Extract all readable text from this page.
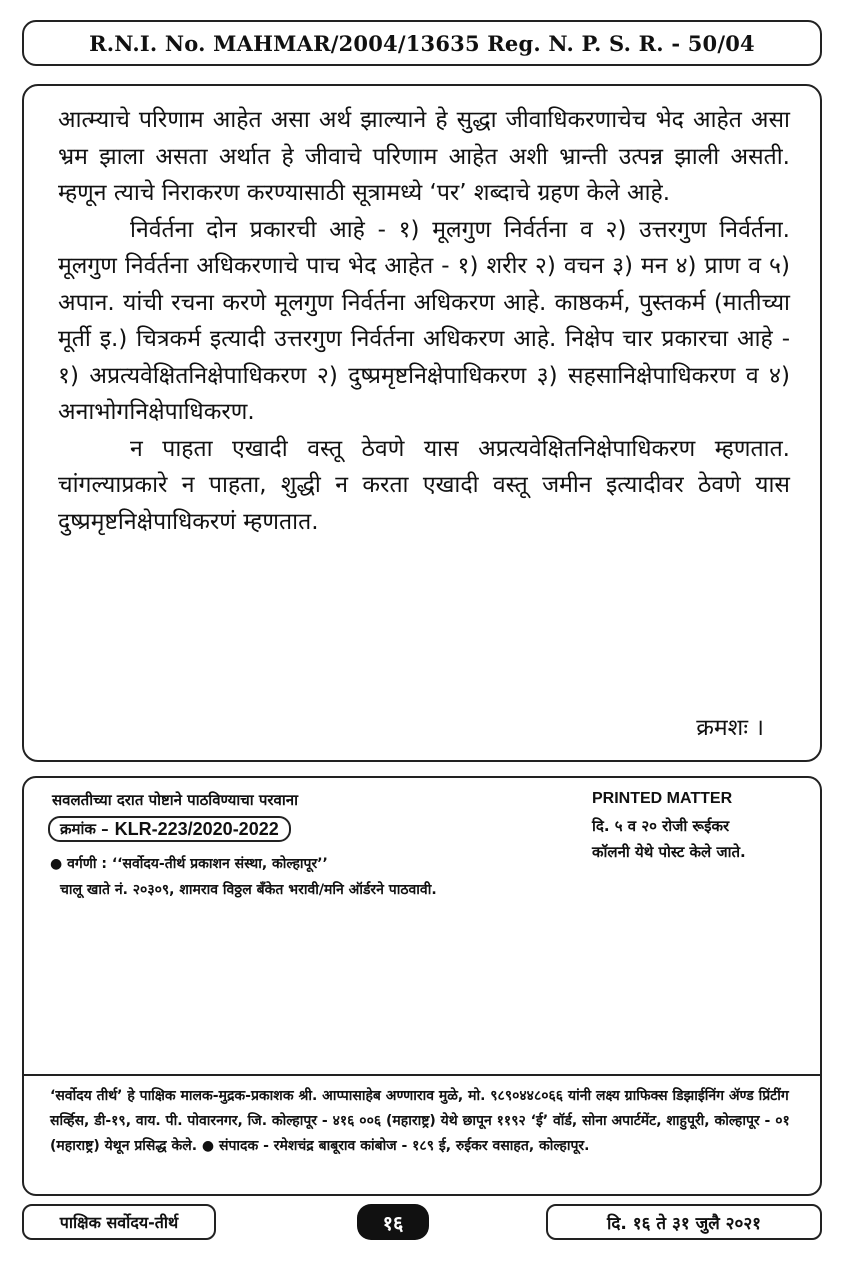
R.N.I. No. MAHMAR/2004/13635 Reg. N. P. S. R. - 50/04

आत्म्याचे परिणाम आहेत असा अर्थ झाल्याने हे सुद्धा जीवाधिकरणाचेच भेद आहेत असा भ्रम झाला असता अर्थात हे जीवाचे परिणाम आहेत अशी भ्रान्ती उत्पन्न झाली असती. म्हणून त्याचे निराकरण करण्यासाठी सूत्रामध्ये ‘पर’ शब्दाचे ग्रहण केले आहे.

निर्वर्तना दोन प्रकारची आहे - १) मूलगुण निर्वर्तना व २) उत्तरगुण निर्वर्तना. मूलगुण निर्वर्तना अधिकरणाचे पाच भेद आहेत - १) शरीर २) वचन ३) मन ४) प्राण व ५) अपान. यांची रचना करणे मूलगुण निर्वर्तना अधिकरण आहे. काष्ठकर्म, पुस्तकर्म (मातीच्या मूर्ती इ.) चित्रकर्म इत्यादी उत्तरगुण निर्वर्तना अधिकरण आहे. निक्षेप चार प्रकारचा आहे - १) अप्रत्यवेक्षितनिक्षेपाधिकरण २) दुष्प्रमृष्टनिक्षेपाधिकरण ३) सहसानिक्षेपाधिकरण व ४) अनाभोगनिक्षेपाधिकरण.

न पाहता एखादी वस्तू ठेवणे यास अप्रत्यवेक्षितनिक्षेपाधिकरण म्हणतात. चांगल्याप्रकारे न पाहता, शुद्धी न करता एखादी वस्तू जमीन इत्यादीवर ठेवणे यास दुष्प्रमृष्टनिक्षेपाधिकरणं म्हणतात.

क्रमशः ।
सवलतीच्या दरात पोष्टाने पाठविण्याचा परवाना
क्रमांक – KLR-223/2020-2022
● वर्गणी : ‘‘सर्वोदय-तीर्थ प्रकाशन संस्था, कोल्हापूर’’
चालू खाते नं. २०३०९, शामराव विठ्ठल बँकेत भरावी/मनि ऑर्डरने पाठवावी.
PRINTED MATTER
दि. ५ व २० रोजी रूईकर
कॉलनी येथे पोस्ट केले जाते.

‘सर्वोदय तीर्थ’ हे पाक्षिक मालक-मुद्रक-प्रकाशक श्री. आप्पासाहेब अण्णाराव मुळे, मो. ९८९०४४८०६६ यांनी लक्ष्य ग्राफिक्स डिझाईनिंग ॲण्ड प्रिंटींग सर्व्हिस, डी-१९, वाय. पी. पोवारनगर, जि. कोल्हापूर - ४१६ ००६ (महाराष्ट्र) येथे छापून ११९२ ‘ई’ वॉर्ड, सोना अपार्टमेंट, शाहुपूरी, कोल्हापूर - ०१ (महाराष्ट्र) येथून प्रसिद्ध केले. ● संपादक - रमेशचंद्र बाबूराव कांबोज - १८९ ई, रुईकर वसाहत, कोल्हापूर.

पाक्षिक सर्वोदय-तीर्थ	१६	दि. १६ ते ३१ जुलै २०२१
